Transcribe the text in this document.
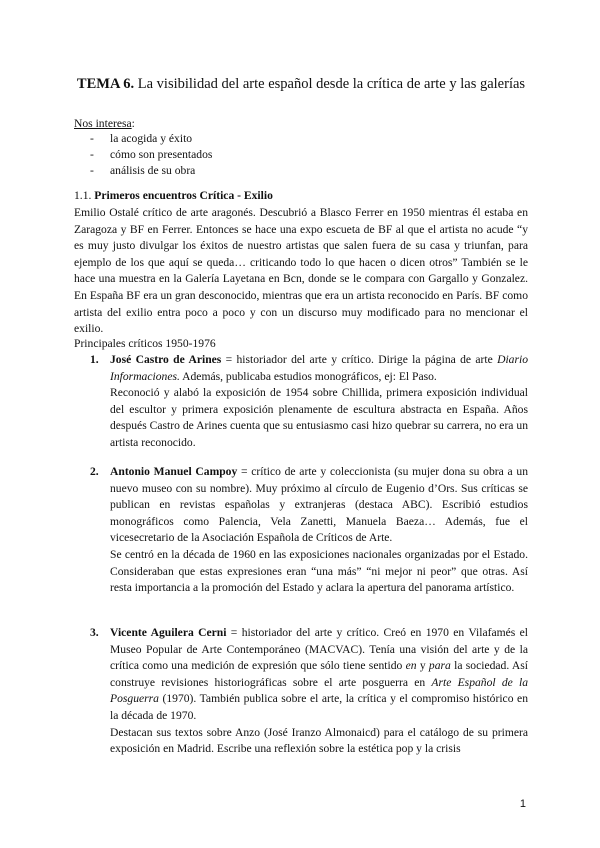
TEMA 6. La visibilidad del arte español desde la crítica de arte y las galerías
Nos interesa:
- la acogida y éxito
- cómo son presentados
- análisis de su obra
1.1. Primeros encuentros Crítica - Exilio
Emilio Ostalé crítico de arte aragonés. Descubrió a Blasco Ferrer en 1950 mientras él estaba en Zaragoza y BF en Ferrer. Entonces se hace una expo escueta de BF al que el artista no acude “y es muy justo divulgar los éxitos de nuestro artistas que salen fuera de su casa y triunfan, para ejemplo de los que aquí se queda… criticando todo lo que hacen o dicen otros” También se le hace una muestra en la Galería Layetana en Bcn, donde se le compara con Gargallo y Gonzalez. En España BF era un gran desconocido, mientras que era un artista reconocido en París. BF como artista del exilio entra poco a poco y con un discurso muy modificado para no mencionar el exilio.
Principales críticos 1950-1976
1. José Castro de Arines = historiador del arte y crítico. Dirige la página de arte Diario Informaciones. Además, publicaba estudios monográficos, ej: El Paso.

Reconoció y alabó la exposición de 1954 sobre Chillida, primera exposición individual del escultor y primera exposición plenamente de escultura abstracta en España. Años después Castro de Arines cuenta que su entusiasmo casi hizo quebrar su carrera, no era un artista reconocido.

2. Antonio Manuel Campoy = crítico de arte y coleccionista (su mujer dona su obra a un nuevo museo con su nombre). Muy próximo al círculo de Eugenio d’Ors. Sus críticas se publican en revistas españolas y extranjeras (destaca ABC). Escribió estudios monográficos como Palencia, Vela Zanetti, Manuela Baeza… Además, fue el vicesecretario de la Asociación Española de Críticos de Arte.

Se centró en la década de 1960 en las exposiciones nacionales organizadas por el Estado. Consideraban que estas expresiones eran “una más” “ni mejor ni peor” que otras. Así resta importancia a la promoción del Estado y aclara la apertura del panorama artístico.

3. Vicente Aguilera Cerni = historiador del arte y crítico. Creó en 1970 en Vilafamés el Museo Popular de Arte Contemporáneo (MACVAC). Tenía una visión del arte y de la crítica como una medición de expresión que sólo tiene sentido en y para la sociedad. Así construye revisiones historiográficas sobre el arte posguerra en Arte Español de la Posguerra (1970). También publica sobre el arte, la crítica y el compromiso histórico en la década de 1970.

Destacan sus textos sobre Anzo (José Iranzo Almonaicd) para el catálogo de su primera exposición en Madrid. Escribe una reflexión sobre la estética pop y la crisis

1
